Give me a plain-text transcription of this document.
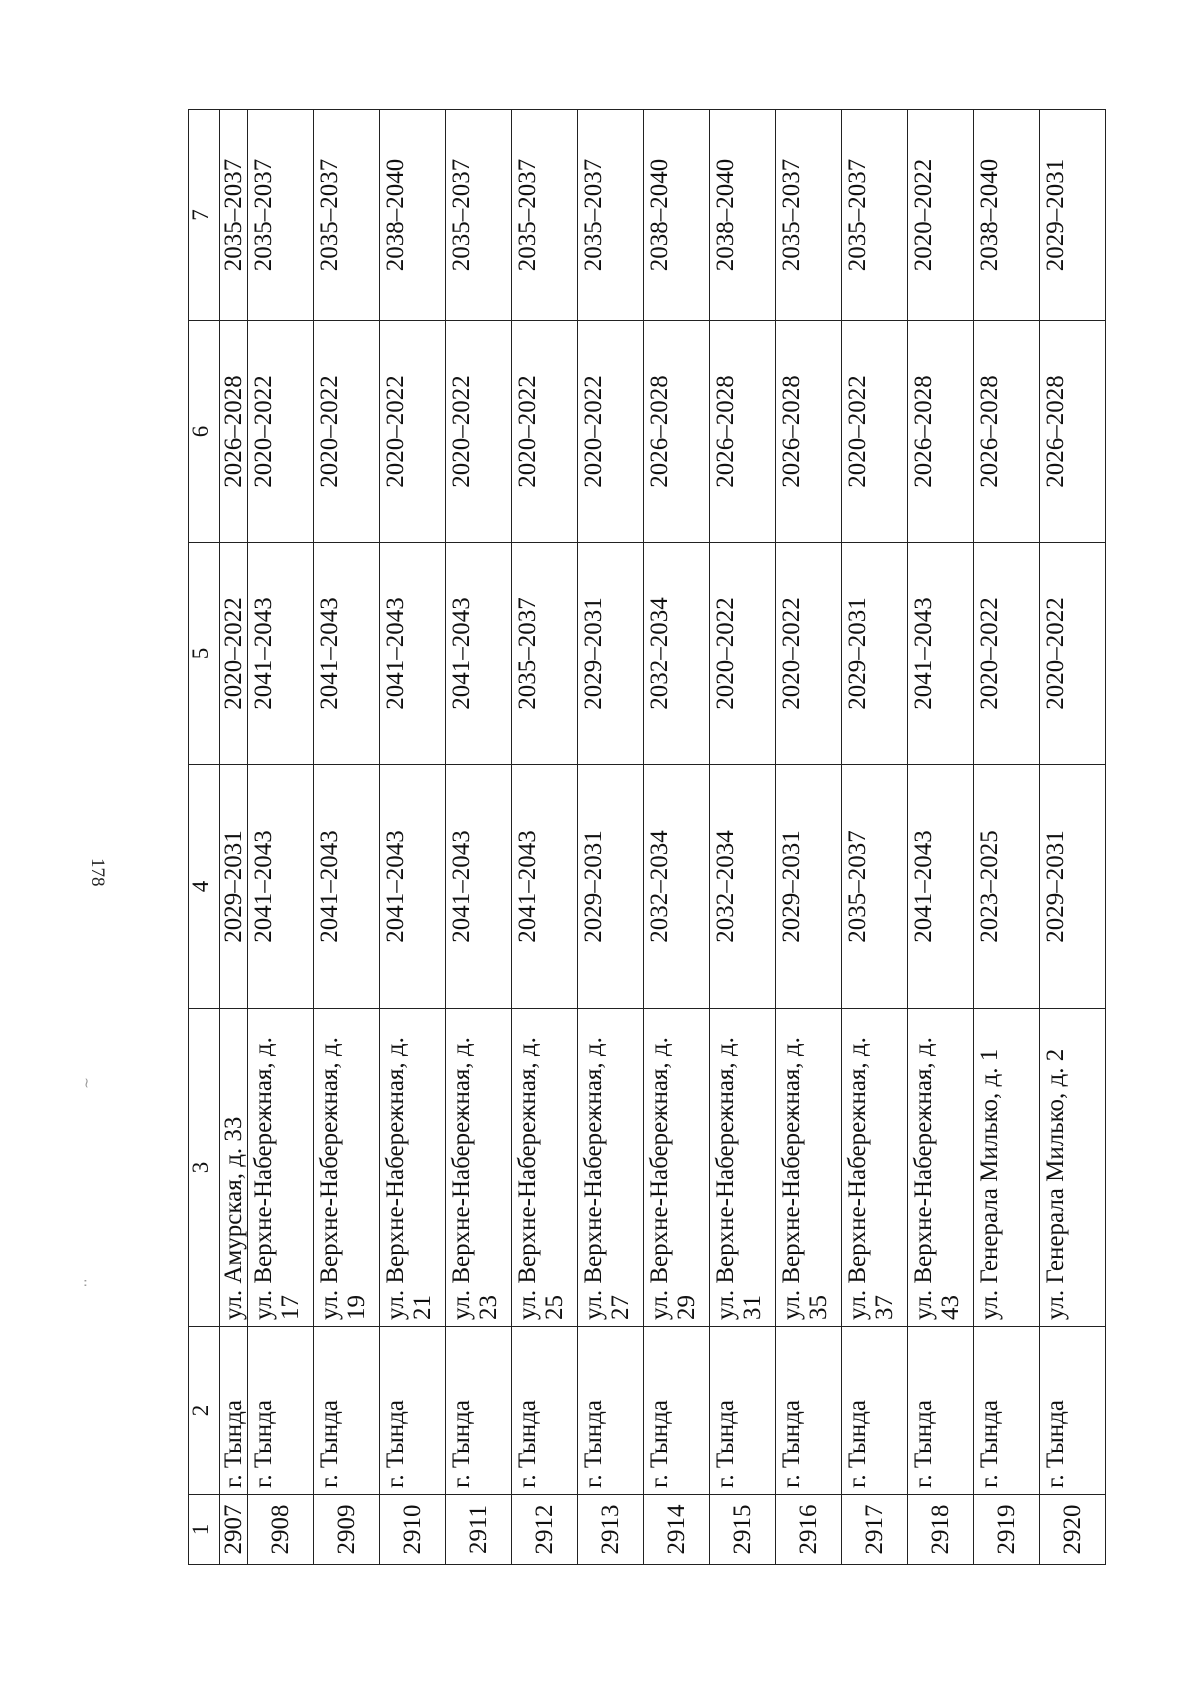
178
~
··
1	2	3	4	5	6	7
2907	г. Тында	ул. Амурская, д. 33	2029–2031	2020–2022	2026–2028	2035–2037
2908	г. Тында	ул. Верхне-Набережная, д. 17	2041–2043	2041–2043	2020–2022	2035–2037
2909	г. Тында	ул. Верхне-Набережная, д. 19	2041–2043	2041–2043	2020–2022	2035–2037
2910	г. Тында	ул. Верхне-Набережная, д. 21	2041–2043	2041–2043	2020–2022	2038–2040
2911	г. Тында	ул. Верхне-Набережная, д. 23	2041–2043	2041–2043	2020–2022	2035–2037
2912	г. Тында	ул. Верхне-Набережная, д. 25	2041–2043	2035–2037	2020–2022	2035–2037
2913	г. Тында	ул. Верхне-Набережная, д. 27	2029–2031	2029–2031	2020–2022	2035–2037
2914	г. Тында	ул. Верхне-Набережная, д. 29	2032–2034	2032–2034	2026–2028	2038–2040
2915	г. Тында	ул. Верхне-Набережная, д. 31	2032–2034	2020–2022	2026–2028	2038–2040
2916	г. Тында	ул. Верхне-Набережная, д. 35	2029–2031	2020–2022	2026–2028	2035–2037
2917	г. Тында	ул. Верхне-Набережная, д. 37	2035–2037	2029–2031	2020–2022	2035–2037
2918	г. Тында	ул. Верхне-Набережная, д. 43	2041–2043	2041–2043	2026–2028	2020–2022
2919	г. Тында	ул. Генерала Милько, д. 1	2023–2025	2020–2022	2026–2028	2038–2040
2920	г. Тында	ул. Генерала Милько, д. 2	2029–2031	2020–2022	2026–2028	2029–2031
